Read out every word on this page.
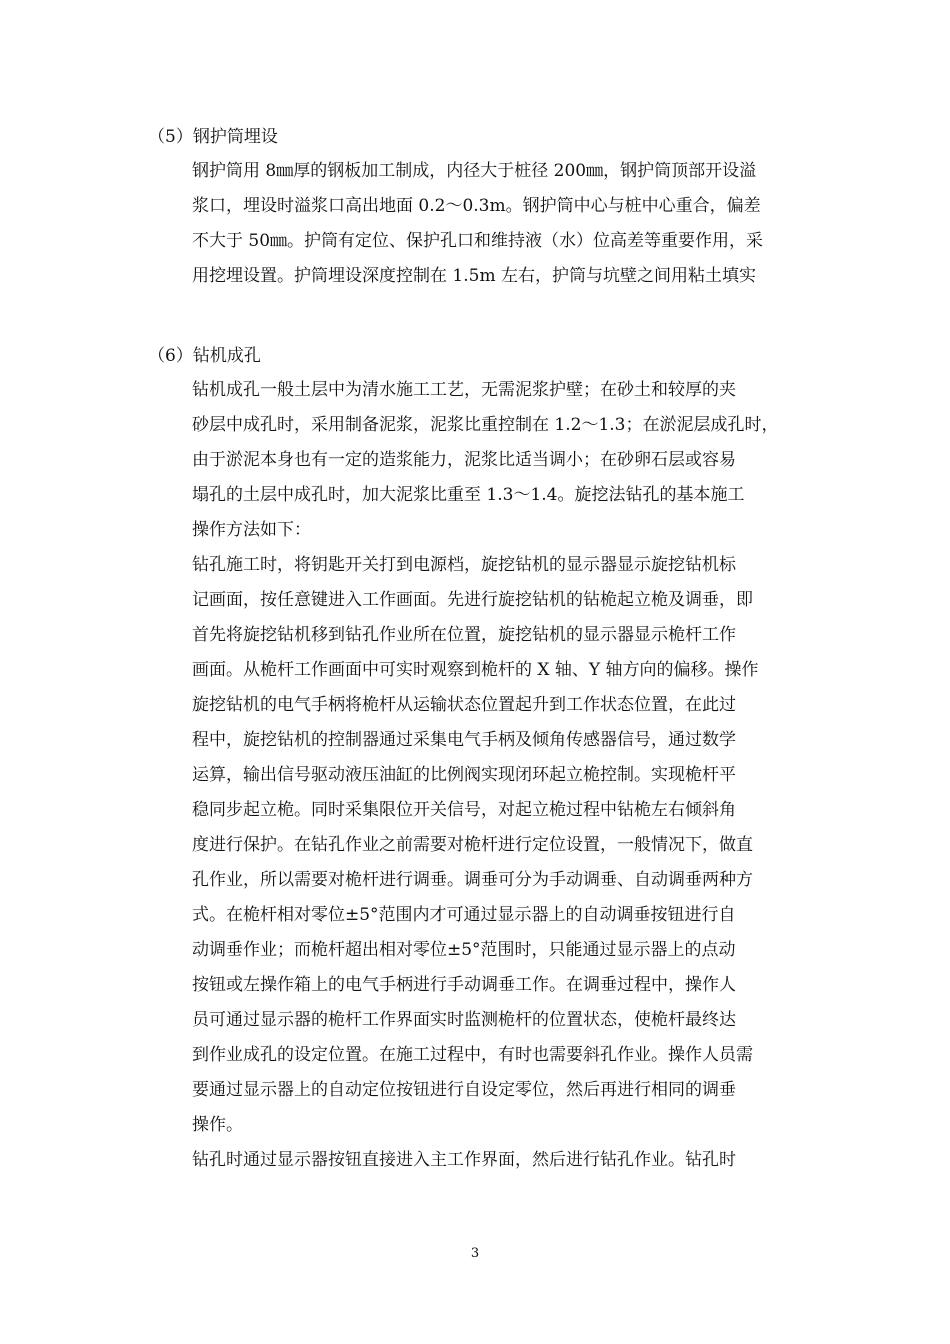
（5）钢护筒埋设
钢护筒用 8㎜厚的钢板加工制成，内径大于桩径 200㎜，钢护筒顶部开设溢
浆口，埋设时溢浆口高出地面 0.2～0.3m。钢护筒中心与桩中心重合，偏差
不大于 50㎜。护筒有定位、保护孔口和维持液（水）位高差等重要作用，采
用挖埋设置。护筒埋设深度控制在 1.5m 左右，护筒与坑壁之间用粘土填实
（6）钻机成孔
钻机成孔一般土层中为清水施工工艺，无需泥浆护壁；在砂土和较厚的夹
砂层中成孔时，采用制备泥浆，泥浆比重控制在 1.2～1.3；在淤泥层成孔时，
由于淤泥本身也有一定的造浆能力，泥浆比适当调小；在砂卵石层或容易
塌孔的土层中成孔时，加大泥浆比重至 1.3～1.4。旋挖法钻孔的基本施工
操作方法如下：
钻孔施工时，将钥匙开关打到电源档，旋挖钻机的显示器显示旋挖钻机标
记画面，按任意键进入工作画面。先进行旋挖钻机的钻桅起立桅及调垂，即
首先将旋挖钻机移到钻孔作业所在位置，旋挖钻机的显示器显示桅杆工作
画面。从桅杆工作画面中可实时观察到桅杆的 X 轴、Y 轴方向的偏移。操作
旋挖钻机的电气手柄将桅杆从运输状态位置起升到工作状态位置，在此过
程中，旋挖钻机的控制器通过采集电气手柄及倾角传感器信号，通过数学
运算，输出信号驱动液压油缸的比例阀实现闭环起立桅控制。实现桅杆平
稳同步起立桅。同时采集限位开关信号，对起立桅过程中钻桅左右倾斜角
度进行保护。在钻孔作业之前需要对桅杆进行定位设置，一般情况下，做直
孔作业，所以需要对桅杆进行调垂。调垂可分为手动调垂、自动调垂两种方
式。在桅杆相对零位±5°范围内才可通过显示器上的自动调垂按钮进行自
动调垂作业；而桅杆超出相对零位±5°范围时，只能通过显示器上的点动
按钮或左操作箱上的电气手柄进行手动调垂工作。在调垂过程中，操作人
员可通过显示器的桅杆工作界面实时监测桅杆的位置状态，使桅杆最终达
到作业成孔的设定位置。在施工过程中，有时也需要斜孔作业。操作人员需
要通过显示器上的自动定位按钮进行自设定零位，然后再进行相同的调垂
操作。
钻孔时通过显示器按钮直接进入主工作界面，然后进行钻孔作业。钻孔时
3
